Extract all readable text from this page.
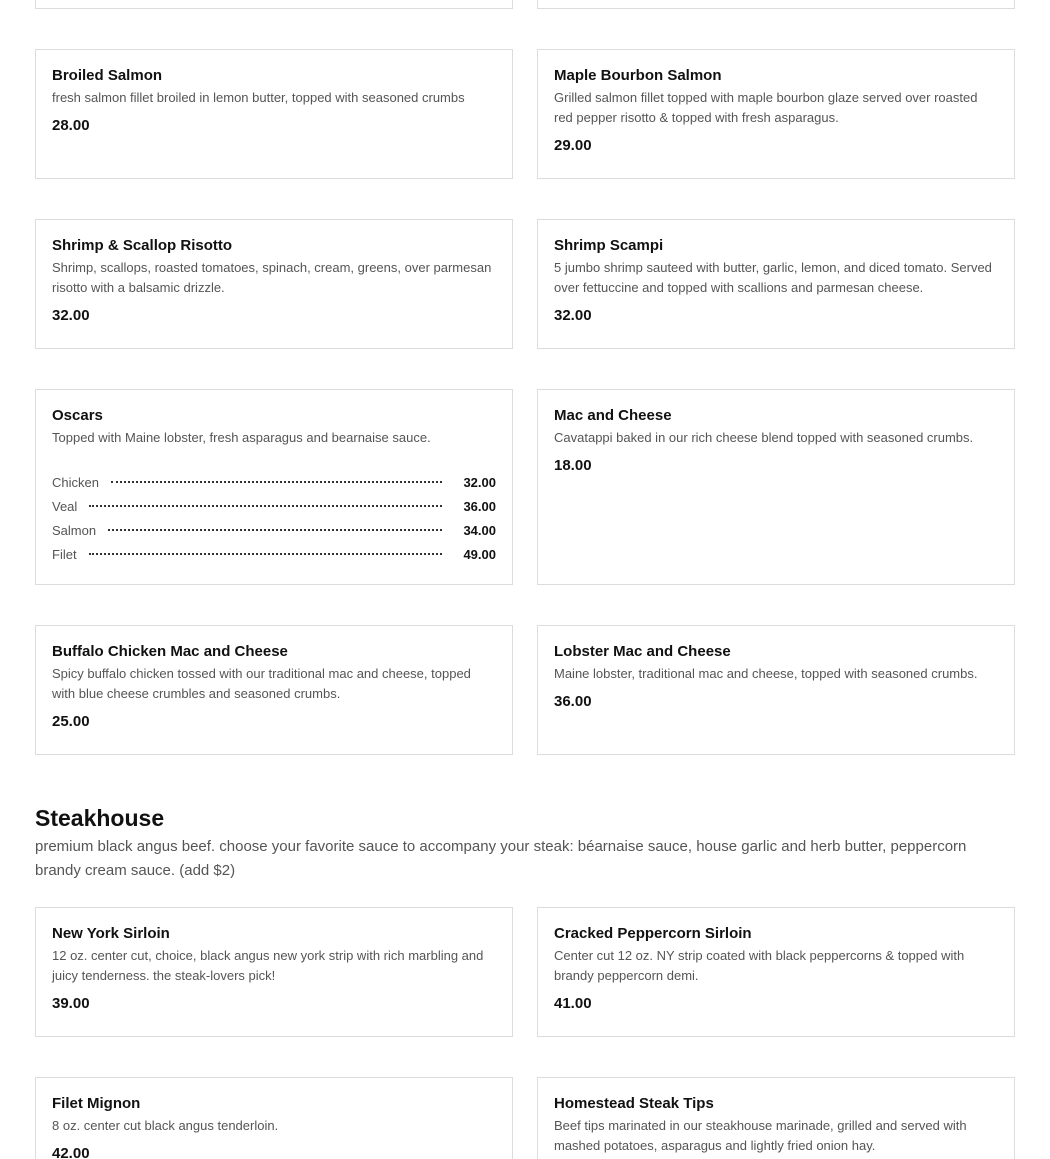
Broiled Salmon
fresh salmon fillet broiled in lemon butter, topped with seasoned crumbs
28.00
Maple Bourbon Salmon
Grilled salmon fillet topped with maple bourbon glaze served over roasted red pepper risotto & topped with fresh asparagus.
29.00
Shrimp & Scallop Risotto
Shrimp, scallops, roasted tomatoes, spinach, cream, greens, over parmesan risotto with a balsamic drizzle.
32.00
Shrimp Scampi
5 jumbo shrimp sauteed with butter, garlic, lemon, and diced tomato. Served over fettuccine and topped with scallions and parmesan cheese.
32.00
Oscars
Topped with Maine lobster, fresh asparagus and bearnaise sauce.
Chicken	32.00
Veal	36.00
Salmon	34.00
Filet	49.00
Mac and Cheese
Cavatappi baked in our rich cheese blend topped with seasoned crumbs.
18.00
Buffalo Chicken Mac and Cheese
Spicy buffalo chicken tossed with our traditional mac and cheese, topped with blue cheese crumbles and seasoned crumbs.
25.00
Lobster Mac and Cheese
Maine lobster, traditional mac and cheese, topped with seasoned crumbs.
36.00
Steakhouse
premium black angus beef. choose your favorite sauce to accompany your steak: béarnaise sauce, house garlic and herb butter, peppercorn brandy cream sauce. (add $2)
New York Sirloin
12 oz. center cut, choice, black angus new york strip with rich marbling and juicy tenderness. the steak-lovers pick!
39.00
Cracked Peppercorn Sirloin
Center cut 12 oz. NY strip coated with black peppercorns & topped with brandy peppercorn demi.
41.00
Filet Mignon
8 oz. center cut black angus tenderloin.
42.00
Homestead Steak Tips
Beef tips marinated in our steakhouse marinade, grilled and served with mashed potatoes, asparagus and lightly fried onion hay.
